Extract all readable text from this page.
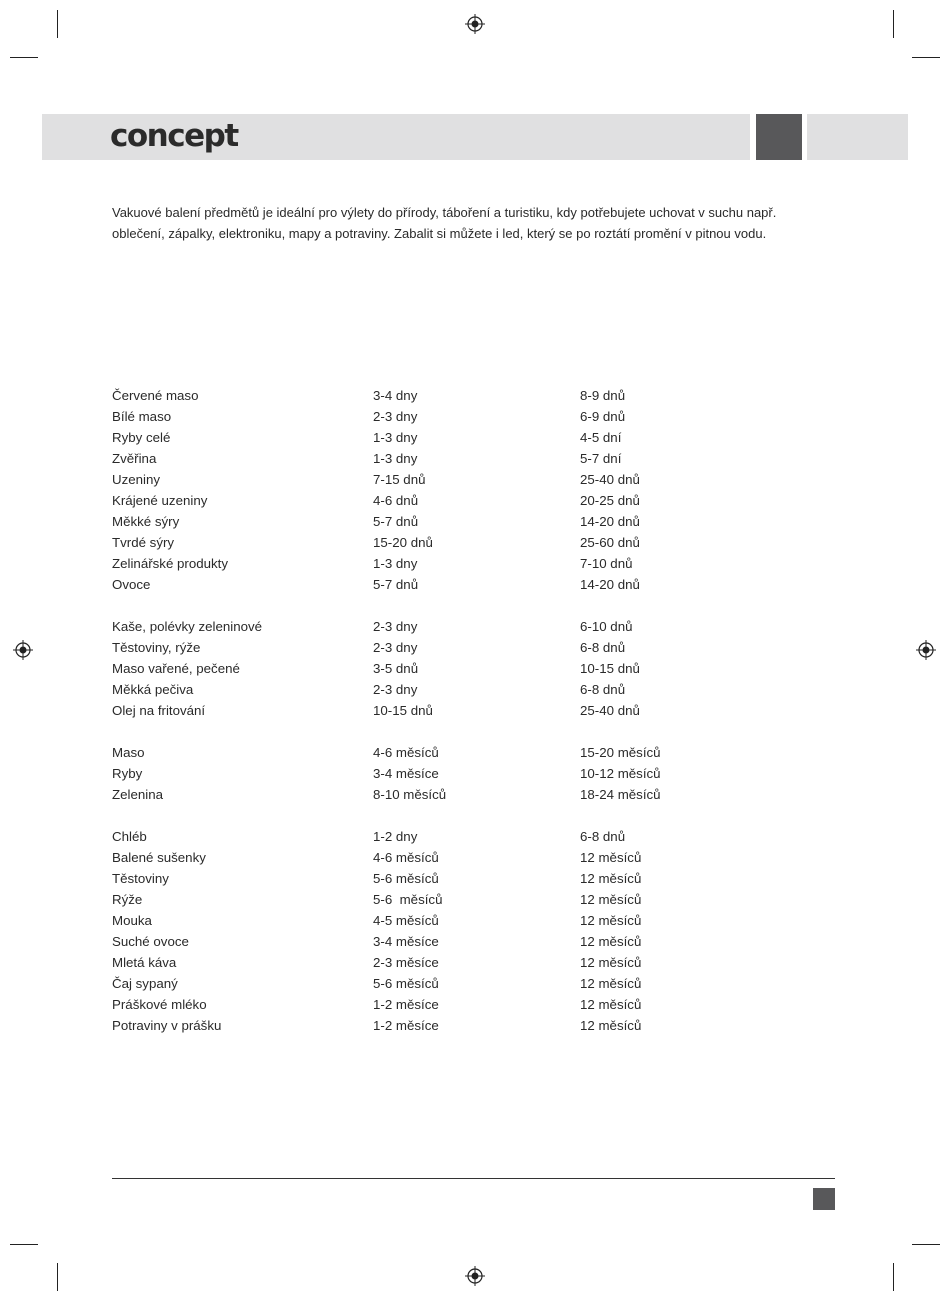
concept

Vakuové balení předmětů je ideální pro výlety do přírody, táboření a turistiku, kdy potřebujete uchovat v suchu např.

oblečení, zápalky, elektroniku, mapy a potraviny. Zabalit si můžete i led, který se po roztátí promění v pitnou vodu.

Červené maso	3-4 dny	8-9 dnů
Bílé maso	2-3 dny	6-9 dnů
Ryby celé	1-3 dny	4-5 dní
Zvěřina	1-3 dny	5-7 dní
Uzeniny	7-15 dnů	25-40 dnů
Krájené uzeniny	4-6 dnů	20-25 dnů
Měkké sýry	5-7 dnů	14-20 dnů
Tvrdé sýry	15-20 dnů	25-60 dnů
Zelinářské produkty	1-3 dny	7-10 dnů
Ovoce	5-7 dnů	14-20 dnů
Kaše, polévky zeleninové	2-3 dny	6-10 dnů
Těstoviny, rýže	2-3 dny	6-8 dnů
Maso vařené, pečené	3-5 dnů	10-15 dnů
Měkká pečiva	2-3 dny	6-8 dnů
Olej na fritování	10-15 dnů	25-40 dnů
Maso	4-6 měsíců	15-20 měsíců
Ryby	3-4 měsíce	10-12 měsíců
Zelenina	8-10 měsíců	18-24 měsíců
Chléb	1-2 dny	6-8 dnů
Balené sušenky	4-6 měsíců	12 měsíců
Těstoviny	5-6 měsíců	12 měsíců
Rýže	5-6  měsíců	12 měsíců
Mouka	4-5 měsíců	12 měsíců
Suché ovoce	3-4 měsíce	12 měsíců
Mletá káva	2-3 měsíce	12 měsíců
Čaj sypaný	5-6 měsíců	12 měsíců
Práškové mléko	1-2 měsíce	12 měsíců
Potraviny v prášku	1-2 měsíce	12 měsíců
